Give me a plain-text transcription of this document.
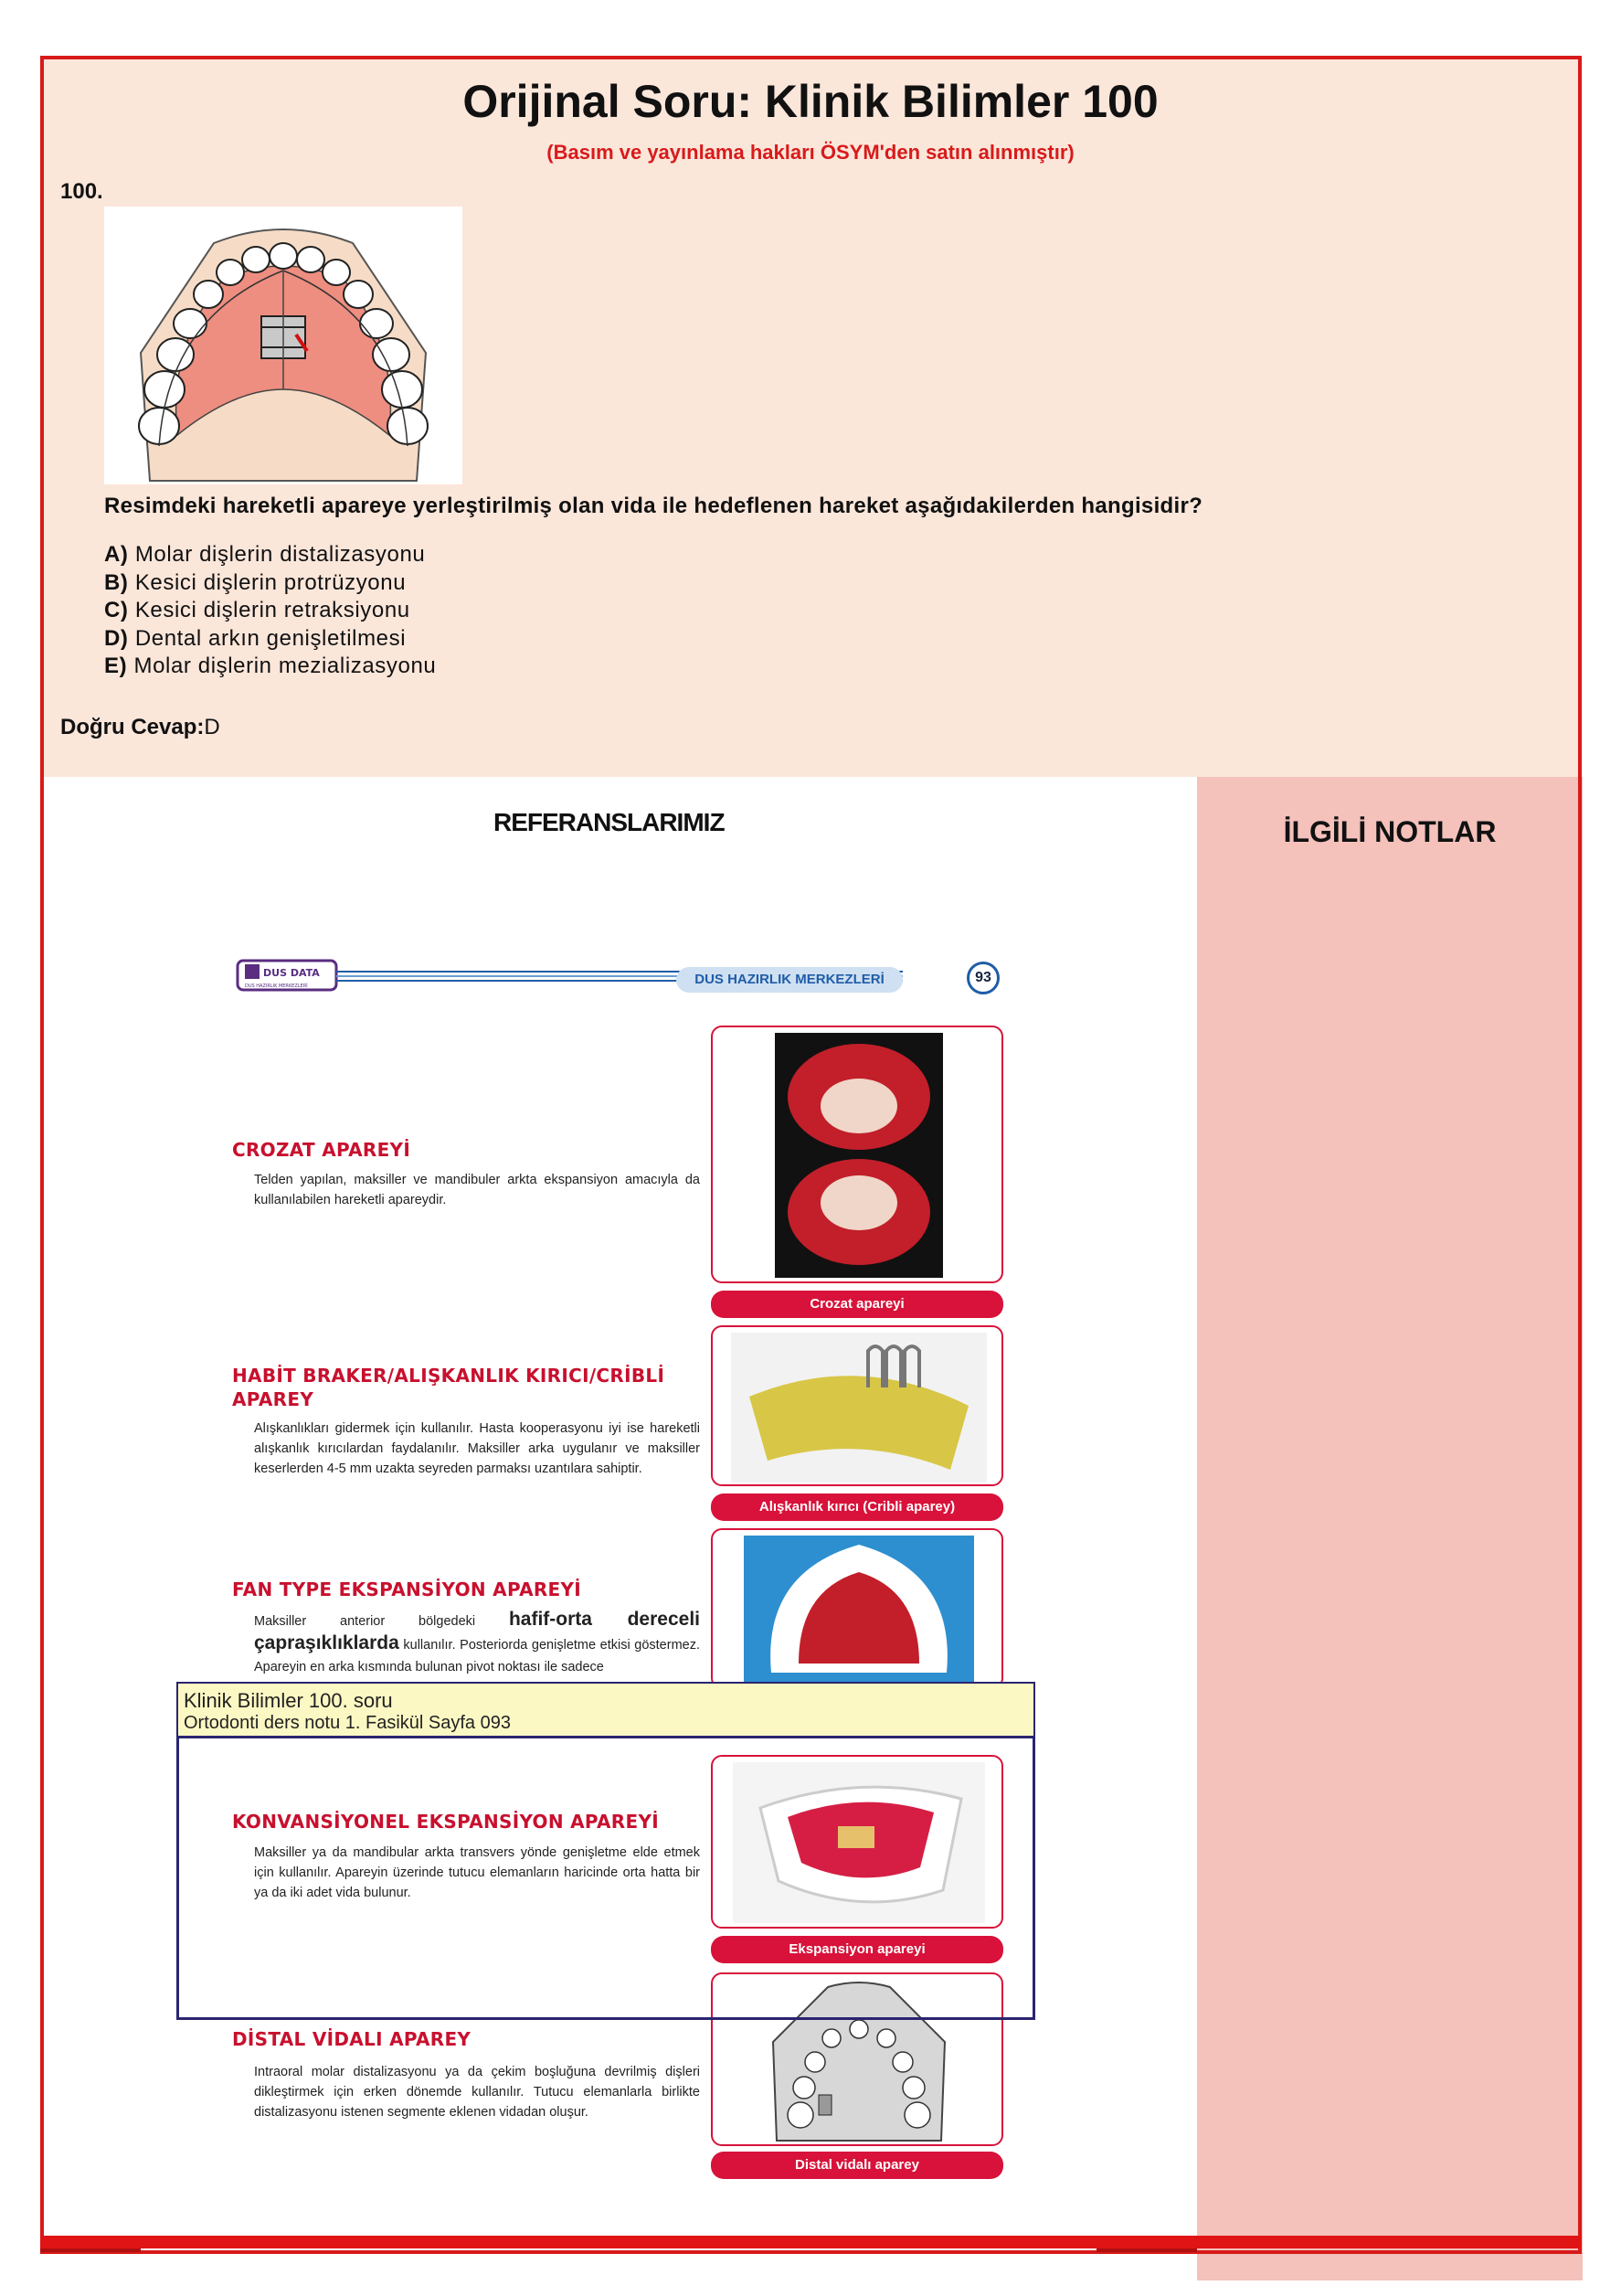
İLGİLİ NOTLAR
Orijinal Soru: Klinik Bilimler 100
(Basım ve yayınlama hakları ÖSYM'den satın alınmıştır)
100.
Resimdeki hareketli apareye yerleştirilmiş olan vida ile hedeflenen hareket aşağıdakilerden hangisidir?
A) Molar dişlerin distalizasyonu
B) Kesici dişlerin protrüzyonu
C) Kesici dişlerin retraksiyonu
D) Dental arkın genişletilmesi
E) Molar dişlerin mezializasyonu
Doğru Cevap:D
REFERANSLARIMIZ
DUS DATA
DUS HAZIRLIK MERKEZLERİ	DUS HAZIRLIK MERKEZLERİ	93
CROZAT APAREYİ
Telden yapılan, maksiller ve mandibuler arkta ekspansiyon amacıyla da kullanılabilen hareketli apareydir.
Crozat apareyi
HABİT BRAKER/ALIŞKANLIK KIRICI/CRİBLİ APAREY
Alışkanlıkları gidermek için kullanılır. Hasta kooperasyonu iyi ise hareketli alışkanlık kırıcılardan faydalanılır. Maksiller arka uygulanır ve maksiller keserlerden 4-5 mm uzakta seyreden parmaksı uzantılara sahiptir.
Alışkanlık kırıcı (Cribli aparey)
FAN TYPE EKSPANSİYON APAREYİ
Maksiller anterior bölgedeki hafif-orta dereceli çapraşıklıklarda kullanılır. Posteriorda genişletme etkisi göstermez. Apareyin en arka kısmında bulunan pivot noktası ile sadece
KONVANSİYONEL EKSPANSİYON APAREYİ
Maksiller ya da mandibular arkta transvers yönde genişletme elde etmek için kullanılır. Apareyin üzerinde tutucu elemanların haricinde orta hatta bir ya da iki adet vida bulunur.
Ekspansiyon apareyi
DİSTAL VİDALI APAREY
Intraoral molar distalizasyonu ya da çekim boşluğuna devrilmiş dişleri dikleştirmek için erken dönemde kullanılır. Tutucu elemanlarla birlikte distalizasyonu istenen segmente eklenen vidadan oluşur.
Distal vidalı aparey
Klinik Bilimler 100. soru
Ortodonti ders notu 1. Fasikül Sayfa 093
